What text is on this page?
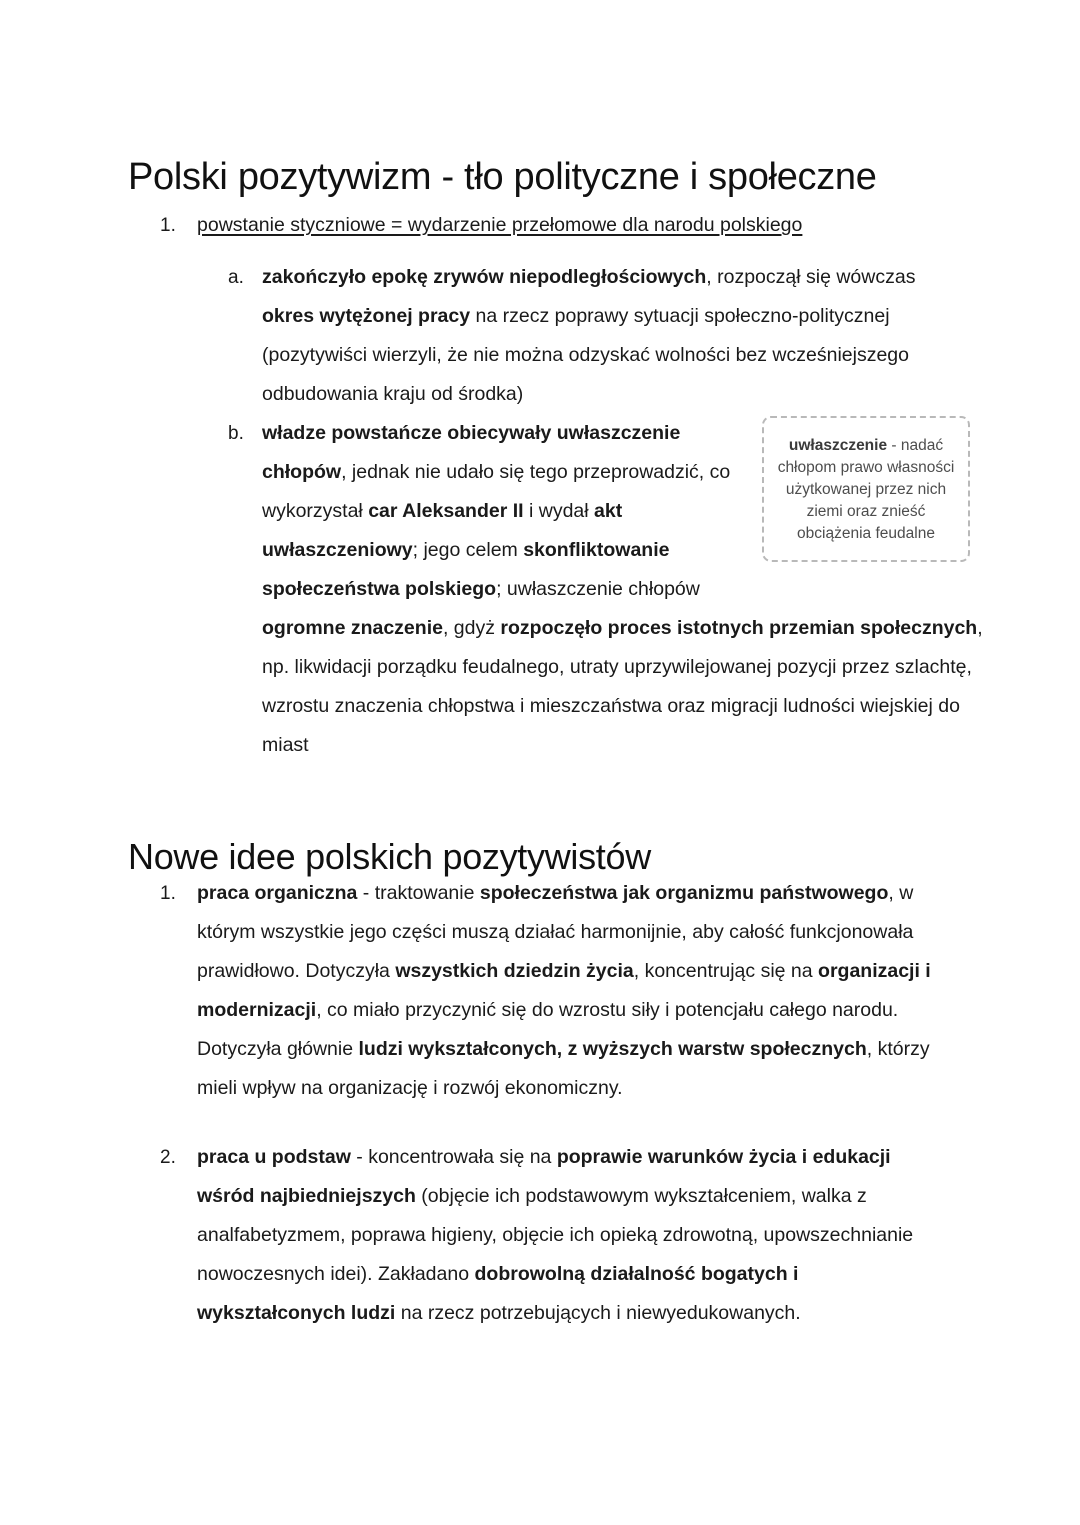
Polski pozytywizm - tło polityczne i społeczne
1.	powstanie styczniowe = wydarzenie przełomowe dla narodu polskiego
a. zakończyło epokę zrywów niepodległościowych, rozpoczął się wówczas okres wytężonej pracy na rzecz poprawy sytuacji społeczno-politycznej (pozytywiści wierzyli, że nie można odzyskać wolności bez wcześniejszego odbudowania kraju od środka)
b. władze powstańcze obiecywały uwłaszczenie chłopów, jednak nie udało się tego przeprowadzić, co wykorzystał car Aleksander II i wydał akt uwłaszczeniowy; jego celem skonfliktowanie społeczeństwa polskiego; uwłaszczenie chłopów ogromne znaczenie, gdyż rozpoczęło proces istotnych przemian społecznych, np. likwidacji porządku feudalnego, utraty uprzywilejowanej pozycji przez szlachtę, wzrostu znaczenia chłopstwa i mieszczaństwa oraz migracji ludności wiejskiej do miast
uwłaszczenie - nadać chłopom prawo własności użytkowanej przez nich ziemi oraz znieść obciążenia feudalne
Nowe idee polskich pozytywistów
1.	praca organiczna - traktowanie społeczeństwa jak organizmu państwowego, w którym wszystkie jego części muszą działać harmonijnie, aby całość funkcjonowała prawidłowo. Dotyczyła wszystkich dziedzin życia, koncentrując się na organizacji i modernizacji, co miało przyczynić się do wzrostu siły i potencjału całego narodu. Dotyczyła głównie ludzi wykształconych, z wyższych warstw społecznych, którzy mieli wpływ na organizację i rozwój ekonomiczny.
2.	praca u podstaw - koncentrowała się na poprawie warunków życia i edukacji wśród najbiedniejszych (objęcie ich podstawowym wykształceniem, walka z analfabetyzmem, poprawa higieny, objęcie ich opieką zdrowotną, upowszechnianie nowoczesnych idei). Zakładano dobrowolną działalność bogatych i wykształconych ludzi na rzecz potrzebujących i niewyedukowanych.
